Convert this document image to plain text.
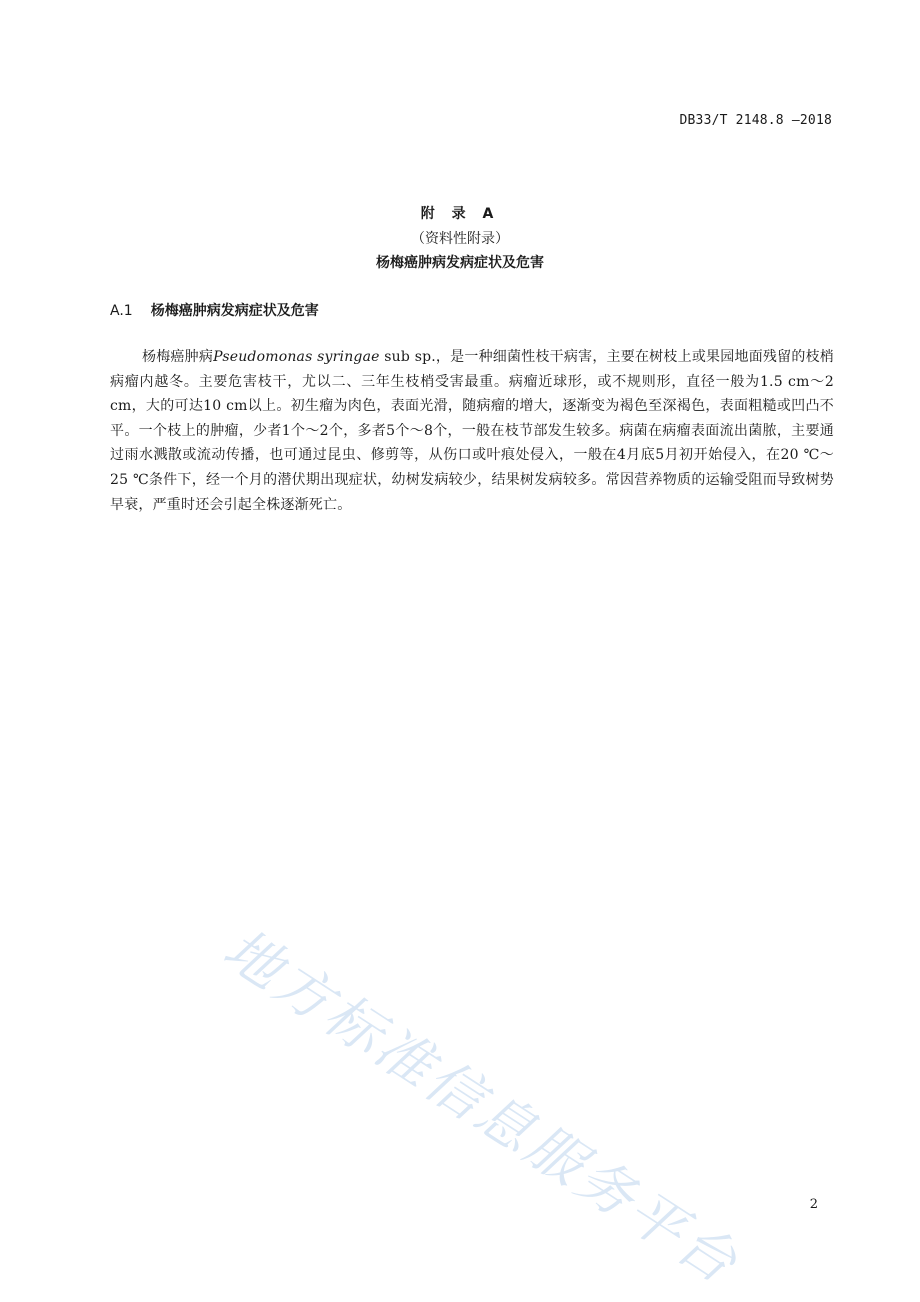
DB33/T 2148.8 —2018
附 录 A
（资料性附录）
杨梅癌肿病发病症状及危害
A.1 杨梅癌肿病发病症状及危害
杨梅癌肿病Pseudomonas syringae sub sp.，是一种细菌性枝干病害，主要在树枝上或果园地面残留的枝梢病瘤内越冬。主要危害枝干，尤以二、三年生枝梢受害最重。病瘤近球形，或不规则形，直径一般为1.5 cm～2 cm，大的可达10 cm以上。初生瘤为肉色，表面光滑，随病瘤的增大，逐渐变为褐色至深褐色，表面粗糙或凹凸不平。一个枝上的肿瘤，少者1个～2个，多者5个～8个，一般在枝节部发生较多。病菌在病瘤表面流出菌脓，主要通过雨水溅散或流动传播，也可通过昆虫、修剪等，从伤口或叶痕处侵入，一般在4月底5月初开始侵入，在20 ℃～25 ℃条件下，经一个月的潜伏期出现症状，幼树发病较少，结果树发病较多。常因营养物质的运输受阻而导致树势早衰，严重时还会引起全株逐渐死亡。
地方标准信息服务平台	2
